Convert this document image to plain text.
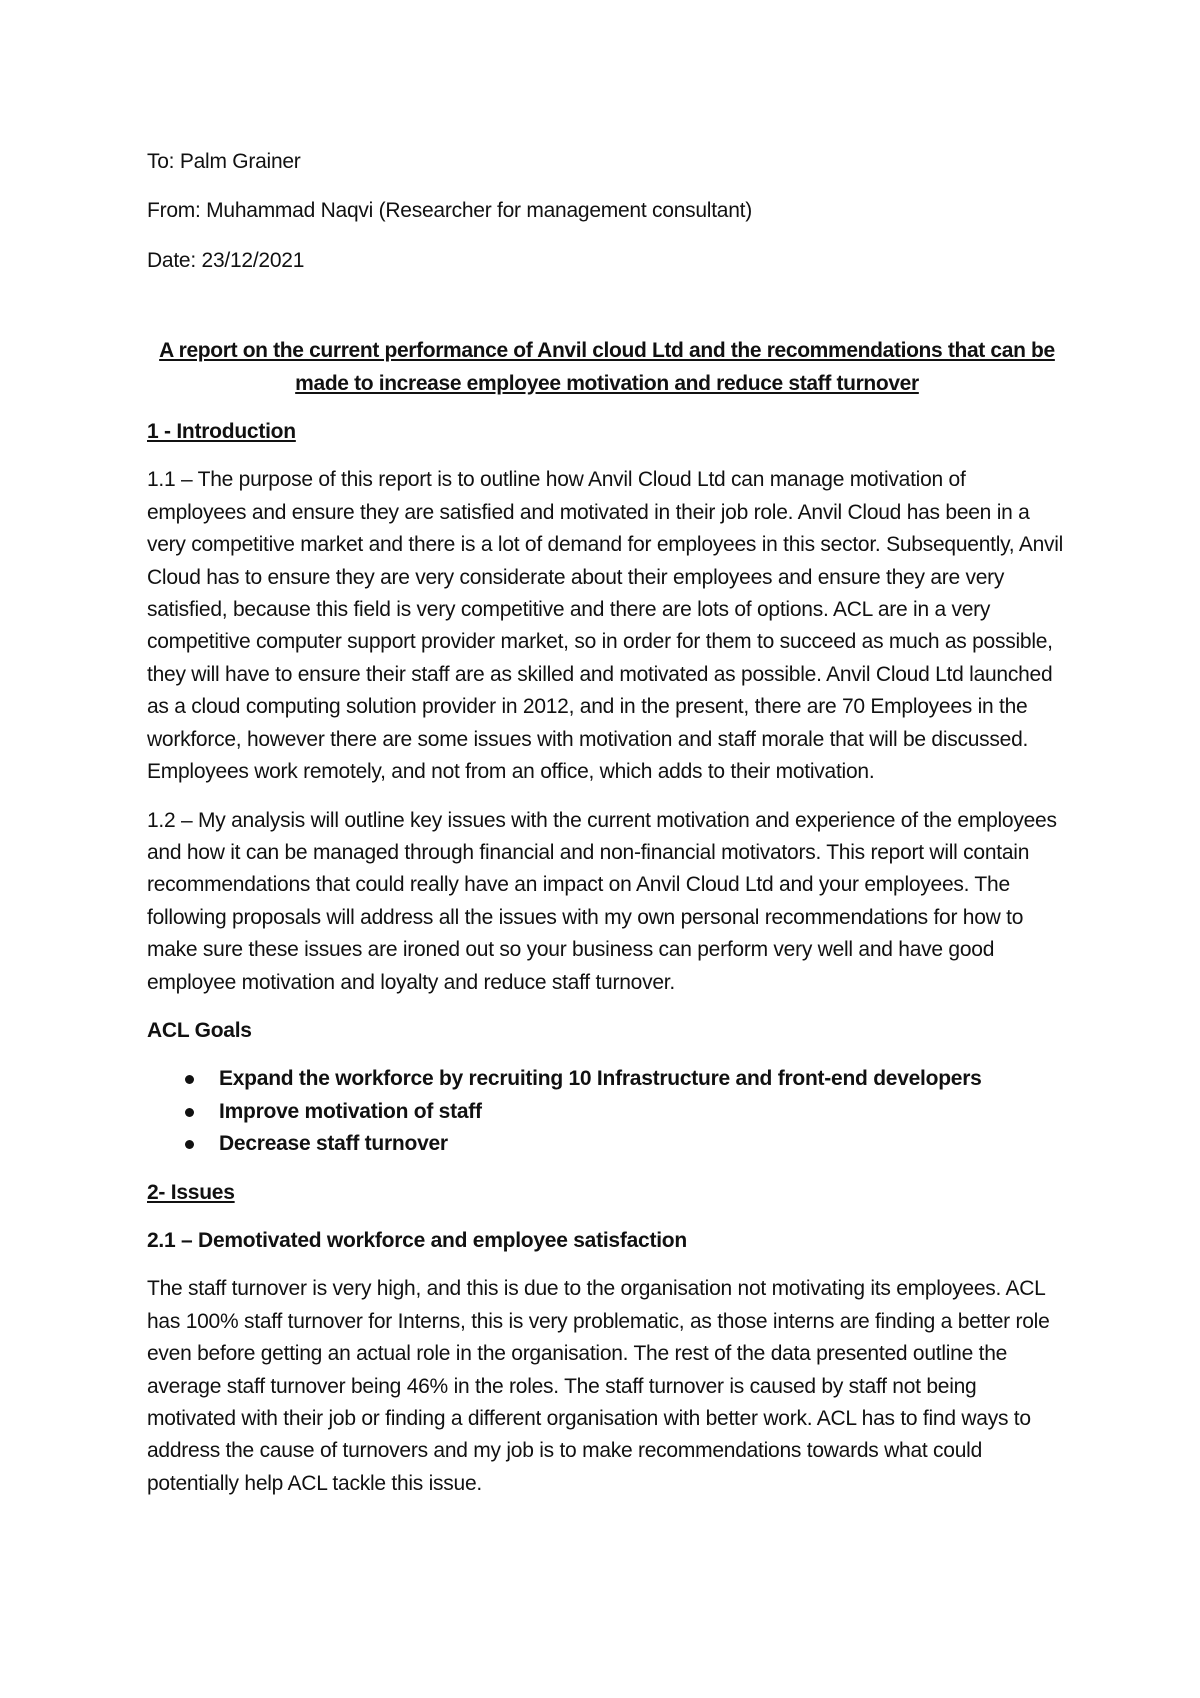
To: Palm Grainer

From: Muhammad Naqvi (Researcher for management consultant)

Date: 23/12/2021

A report on the current performance of Anvil cloud Ltd and the recommendations that can be made to increase employee motivation and reduce staff turnover

1 - Introduction

1.1 – The purpose of this report is to outline how Anvil Cloud Ltd can manage motivation of employees and ensure they are satisfied and motivated in their job role. Anvil Cloud has been in a very competitive market and there is a lot of demand for employees in this sector. Subsequently, Anvil Cloud has to ensure they are very considerate about their employees and ensure they are very satisfied, because this field is very competitive and there are lots of options. ACL are in a very competitive computer support provider market, so in order for them to succeed as much as possible, they will have to ensure their staff are as skilled and motivated as possible. Anvil Cloud Ltd launched as a cloud computing solution provider in 2012, and in the present, there are 70 Employees in the workforce, however there are some issues with motivation and staff morale that will be discussed. Employees work remotely, and not from an office, which adds to their motivation.

1.2 – My analysis will outline key issues with the current motivation and experience of the employees and how it can be managed through financial and non-financial motivators. This report will contain recommendations that could really have an impact on Anvil Cloud Ltd and your employees. The following proposals will address all the issues with my own personal recommendations for how to make sure these issues are ironed out so your business can perform very well and have good employee motivation and loyalty and reduce staff turnover.

ACL Goals

Expand the workforce by recruiting 10 Infrastructure and front-end developers
Improve motivation of staff
Decrease staff turnover

2- Issues

2.1 – Demotivated workforce and employee satisfaction

The staff turnover is very high, and this is due to the organisation not motivating its employees. ACL has 100% staff turnover for Interns, this is very problematic, as those interns are finding a better role even before getting an actual role in the organisation. The rest of the data presented outline the average staff turnover being 46% in the roles. The staff turnover is caused by staff not being motivated with their job or finding a different organisation with better work. ACL has to find ways to address the cause of turnovers and my job is to make recommendations towards what could potentially help ACL tackle this issue.
